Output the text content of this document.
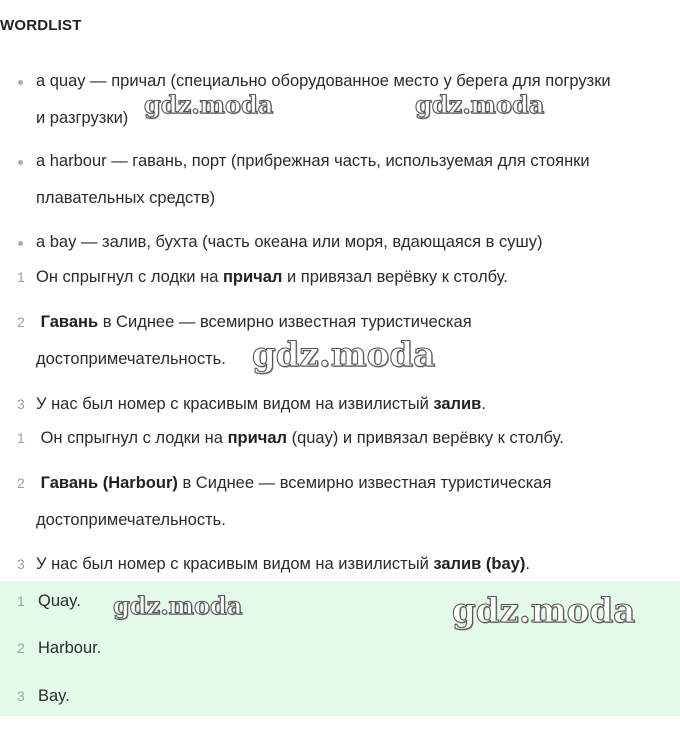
WORDLIST
a quay — причал (специально оборудованное место у берега для погрузки
и разгрузки)
a harbour — гавань, порт (прибрежная часть, используемая для стоянки
плавательных средств)
a bay — залив, бухта (часть океана или моря, вдающаяся в сушу)
1 Он спрыгнул с лодки на причал и привязал верёвку к столбу.
2 Гавань в Сиднее — всемирно известная туристическая
достопримечательность.
3 У нас был номер с красивым видом на извилистый залив.
1 Он спрыгнул с лодки на причал (quay) и привязал верёвку к столбу.
2 Гавань (Harbour) в Сиднее — всемирно известная туристическая
достопримечательность.
3 У нас был номер с красивым видом на извилистый залив (bay).
1 Quay.
2 Harbour.
3 Bay.
gdz.moda	gdz.moda
gdz.moda
gdz.moda	gdz.moda
